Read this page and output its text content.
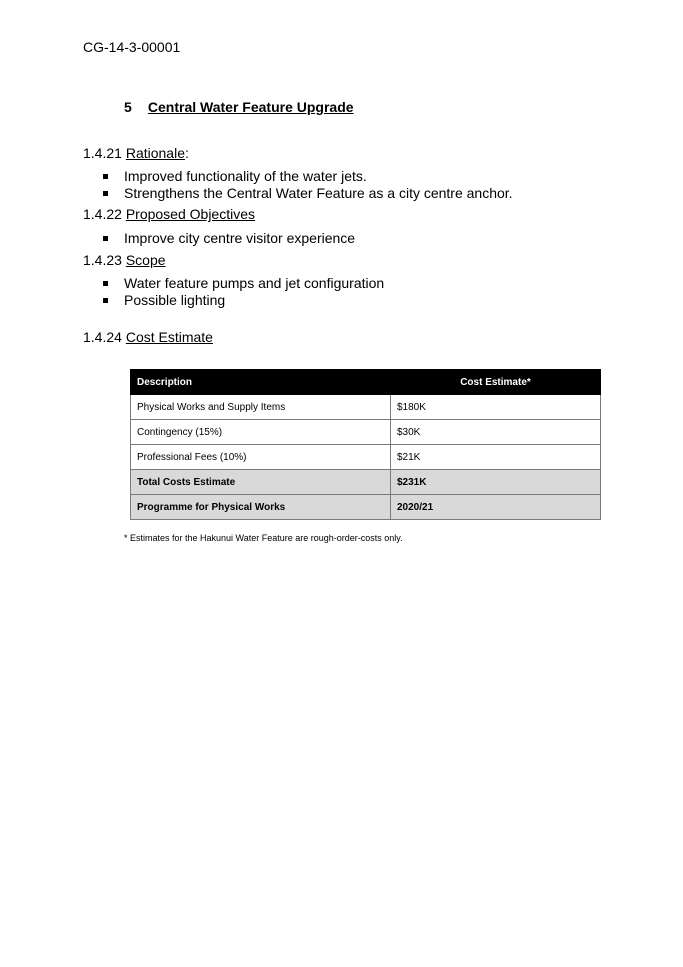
CG-14-3-00001
5 Central Water Feature Upgrade
1.4.21 Rationale:
Improved functionality of the water jets.
Strengthens the Central Water Feature as a city centre anchor.
1.4.22 Proposed Objectives
Improve city centre visitor experience
1.4.23 Scope
Water feature pumps and jet configuration
Possible lighting
1.4.24 Cost Estimate
Description	Cost Estimate*
Physical Works and Supply Items	$180K
Contingency (15%)	$30K
Professional Fees (10%)	$21K
Total Costs Estimate	$231K
Programme for Physical Works	2020/21
* Estimates for the Hakunui Water Feature are rough-order-costs only.
